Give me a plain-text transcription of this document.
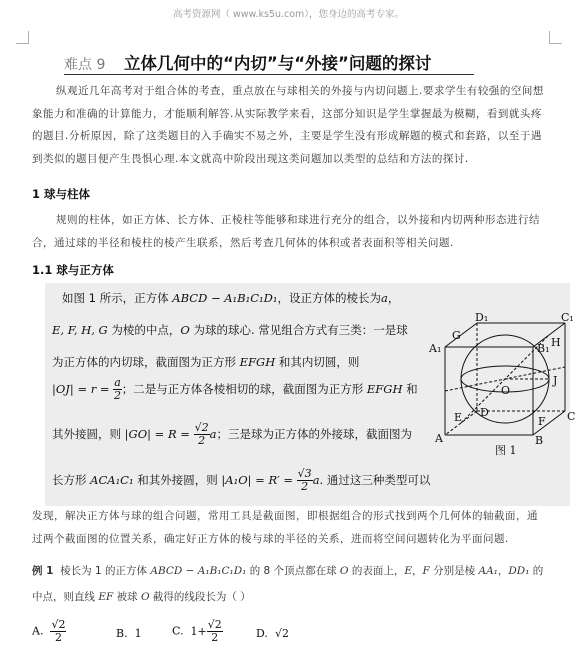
高考资源网（ www.ks5u.com），您身边的高考专家。
难点 9 立体几何中的“内切”与“外接”问题的探讨
纵观近几年高考对于组合体的考查，重点放在与球相关的外接与内切问题上.要求学生有较强的空间想
象能力和准确的计算能力，才能顺利解答.从实际教学来看，这部分知识是学生掌握最为模糊，看到就头疼
的题目.分析原因，除了这类题目的入手确实不易之外，主要是学生没有形成解题的模式和套路，以至于遇
到类似的题目便产生畏惧心理.本文就高中阶段出现这类问题加以类型的总结和方法的探讨.
1 球与柱体
规则的柱体，如正方体、长方体、正棱柱等能够和球进行充分的组合，以外接和内切两种形态进行结
合，通过球的半径和棱柱的棱产生联系，然后考查几何体的体积或者表面积等相关问题.
1.1 球与正方体
如图 1 所示，正方体 ABCD − A₁B₁C₁D₁，设正方体的棱长为a，
E, F, H, G 为棱的中点，O 为球的球心. 常见组合方式有三类：一是球
为正方体的内切球，截面图为正方形 EFGH 和其内切圆，则
$|OJ| = r = \frac{a}{2}$ ；二是与正方体各棱相切的球，截面图为正方形 EFGH 和
其外接圆，则 $|GO| = R = \frac{√2}{2}$ a；三是球为正方体的外接球，截面图为
长方形 ACA₁C₁ 和其外接圆，则 $|A_1O| = R' = \frac{√3}{2} a$. 通过这三种类型可以
D₁	C₁
A₁	B₁
G
H
O
J
E D
F C
A	B
图 1
发现，解决正方体与球的组合问题，常用工具是截面图，即根据组合的形式找到两个几何体的轴截面，通
过两个截面图的位置关系，确定好正方体的棱与球的半径的关系，进而将空间问题转化为平面问题.
例 1 棱长为 1 的正方体 ABCD − A₁B₁C₁D₁ 的 8 个顶点都在球 O 的表面上，E，F 分别是棱 AA₁，DD₁ 的
中点，则直线 EF 被球 O 截得的线段长为（ ）
A. $\frac{√2}{2}$	B. 1	C. $1+ \frac{√2}{2}$	D. √2
